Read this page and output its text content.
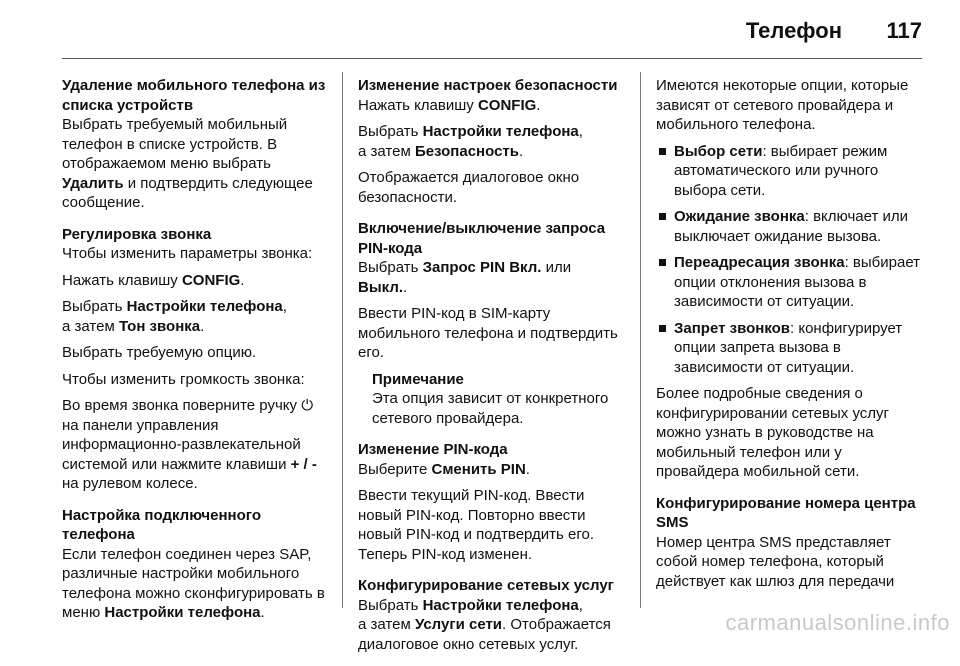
Телефон	117
Удаление мобильного телефона из списка устройств
Выбрать требуемый мобильный телефон в списке устройств. В отображаемом меню выбрать Удалить и подтвердить следующее сообщение.
Регулировка звонка
Чтобы изменить параметры звонка:
Нажать клавишу CONFIG.
Выбрать Настройки телефона,
а затем Тон звонка.
Выбрать требуемую опцию.
Чтобы изменить громкость звонка:
Во время звонка поверните ручку ⏻ на панели управления информационно-развлекательной системой или нажмите клавиши + / - на рулевом колесе.
Настройка подключенного телефона
Если телефон соединен через SAP, различные настройки мобильного телефона можно сконфигурировать в меню Настройки телефона.
Изменение настроек безопасности
Нажать клавишу CONFIG.
Выбрать Настройки телефона,
а затем Безопасность.
Отображается диалоговое окно безопасности.
Включение/выключение запроса PIN-кода
Выбрать Запрос PIN Вкл. или
Выкл..
Ввести PIN-код в SIM-карту мобильного телефона и подтвердить его.
Примечание
Эта опция зависит от конкретного сетевого провайдера.
Изменение PIN-кода
Выберите Сменить PIN.
Ввести текущий PIN-код. Ввести новый PIN-код. Повторно ввести новый PIN-код и подтвердить его. Теперь PIN-код изменен.
Конфигурирование сетевых услуг
Выбрать Настройки телефона,
а затем Услуги сети. Отображается диалоговое окно сетевых услуг.
Имеются некоторые опции, которые зависят от сетевого провайдера и мобильного телефона.
Выбор сети: выбирает режим автоматического или ручного выбора сети.
Ожидание звонка: включает или выключает ожидание вызова.
Переадресация звонка: выбирает опции отклонения вызова в зависимости от ситуации.
Запрет звонков: конфигурирует опции запрета вызова в зависимости от ситуации.
Более подробные сведения о конфигурировании сетевых услуг можно узнать в руководстве на мобильный телефон или у провайдера мобильной сети.
Конфигурирование номера центра SMS
Номер центра SMS представляет собой номер телефона, который действует как шлюз для передачи
carmanualsonline.info
